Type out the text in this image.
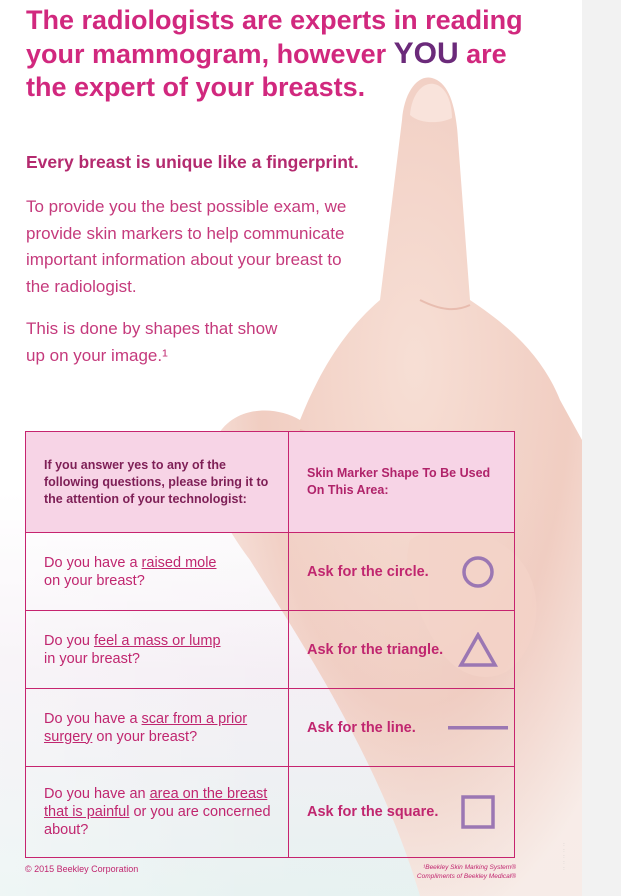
The radiologists are experts in reading
your mammogram, however YOU are
the expert of your breasts.

Every breast is unique like a fingerprint.

To provide you the best possible exam, we provide skin markers to help communicate important information about your breast to the radiologist.

This is done by shapes that show up on your image.¹

If you answer yes to any of the following questions, please bring it to the attention of your technologist:	Skin Marker Shape To Be Used On This Area:

Do you have a raised mole
on your breast?	Ask for the circle.

Do you feel a mass or lump
in your breast?	Ask for the triangle.

Do you have a scar from a prior surgery on your breast?	Ask for the line.

Do you have an area on the breast that is painful or you are concerned about?	Ask for the square.

© 2015 Beekley Corporation	¹Beekley Skin Marking System®
Compliments of Beekley Medical®

:
:
:
:
:
